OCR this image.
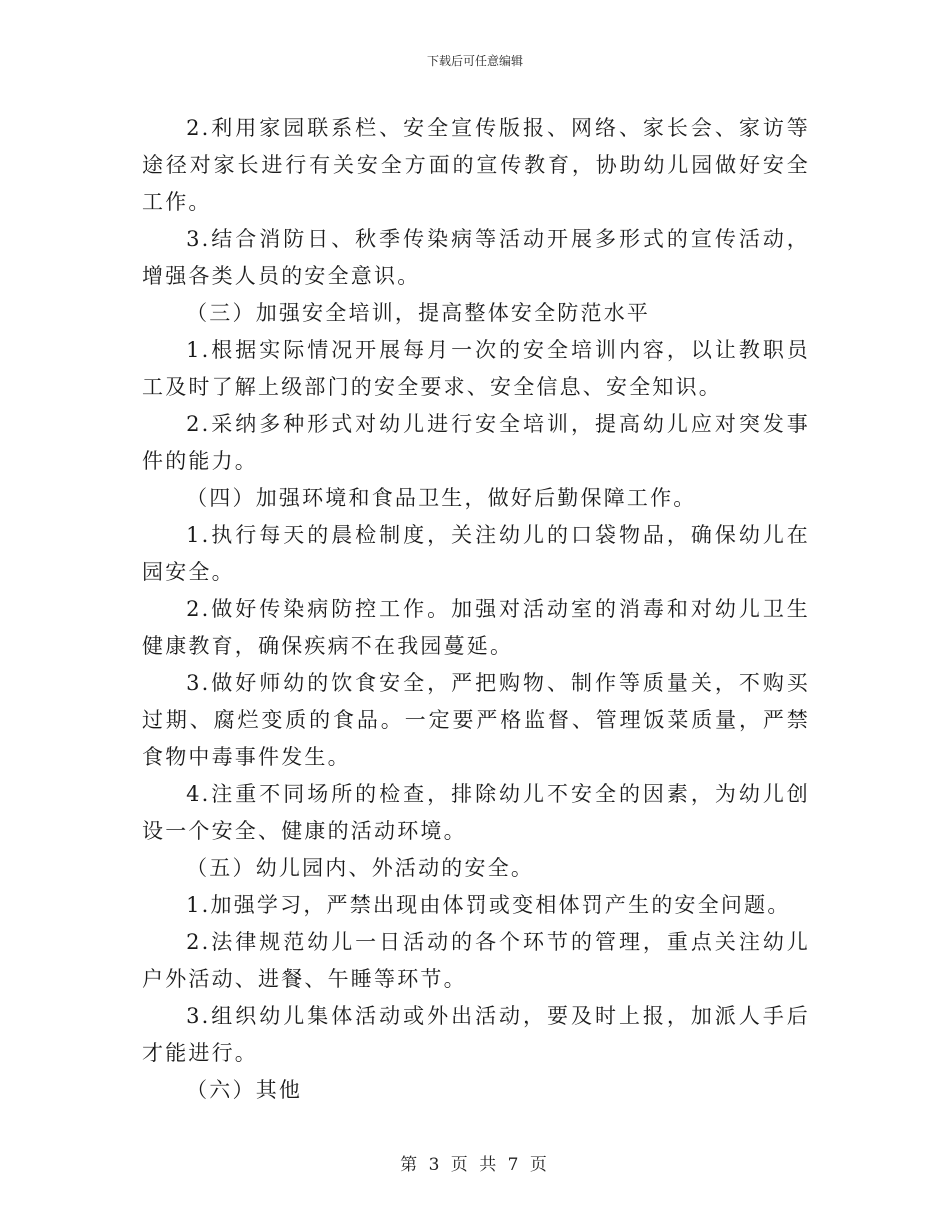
下载后可任意编辑

2.利用家园联系栏、安全宣传版报、网络、家长会、家访等途径对家长进行有关安全方面的宣传教育，协助幼儿园做好安全工作。

3.结合消防日、秋季传染病等活动开展多形式的宣传活动，增强各类人员的安全意识。

（三）加强安全培训，提高整体安全防范水平

1.根据实际情况开展每月一次的安全培训内容，以让教职员工及时了解上级部门的安全要求、安全信息、安全知识。

2.采纳多种形式对幼儿进行安全培训，提高幼儿应对突发事件的能力。

（四）加强环境和食品卫生，做好后勤保障工作。

1.执行每天的晨检制度，关注幼儿的口袋物品，确保幼儿在园安全。

2.做好传染病防控工作。加强对活动室的消毒和对幼儿卫生健康教育，确保疾病不在我园蔓延。

3.做好师幼的饮食安全，严把购物、制作等质量关，不购买过期、腐烂变质的食品。一定要严格监督、管理饭菜质量，严禁食物中毒事件发生。

4.注重不同场所的检查，排除幼儿不安全的因素，为幼儿创设一个安全、健康的活动环境。

（五）幼儿园内、外活动的安全。

1.加强学习，严禁出现由体罚或变相体罚产生的安全问题。

2.法律规范幼儿一日活动的各个环节的管理，重点关注幼儿户外活动、进餐、午睡等环节。

3.组织幼儿集体活动或外出活动，要及时上报，加派人手后才能进行。

（六）其他

第 3 页 共 7 页
